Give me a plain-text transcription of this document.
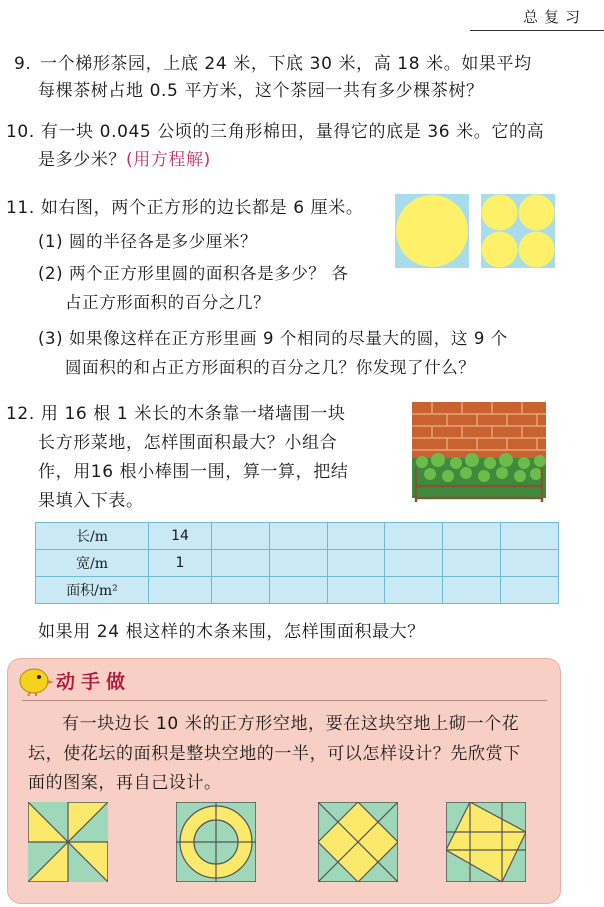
总复习
9. 一个梯形茶园，上底 24 米，下底 30 米，高 18 米。如果平均
每棵茶树占地 0.5 平方米，这个茶园一共有多少棵茶树？
10. 有一块 0.045 公顷的三角形棉田，量得它的底是 36 米。它的高
是多少米？(用方程解)
11. 如右图，两个正方形的边长都是 6 厘米。
(1) 圆的半径各是多少厘米？
(2) 两个正方形里圆的面积各是多少？ 各
占正方形面积的百分之几？
(3) 如果像这样在正方形里画 9 个相同的尽量大的圆，这 9 个
圆面积的和占正方形面积的百分之几？你发现了什么？
12. 用 16 根 1 米长的木条靠一堵墙围一块
长方形菜地，怎样围面积最大？小组合
作，用16 根小棒围一围，算一算，把结
果填入下表。
长/m	14						
宽/m	1						
面积/m²							
如果用 24 根这样的木条来围，怎样围面积最大？
动手做
有一块边长 10 米的正方形空地，要在这块空地上砌一个花
坛，使花坛的面积是整块空地的一半，可以怎样设计？先欣赏下
面的图案，再自己设计。
